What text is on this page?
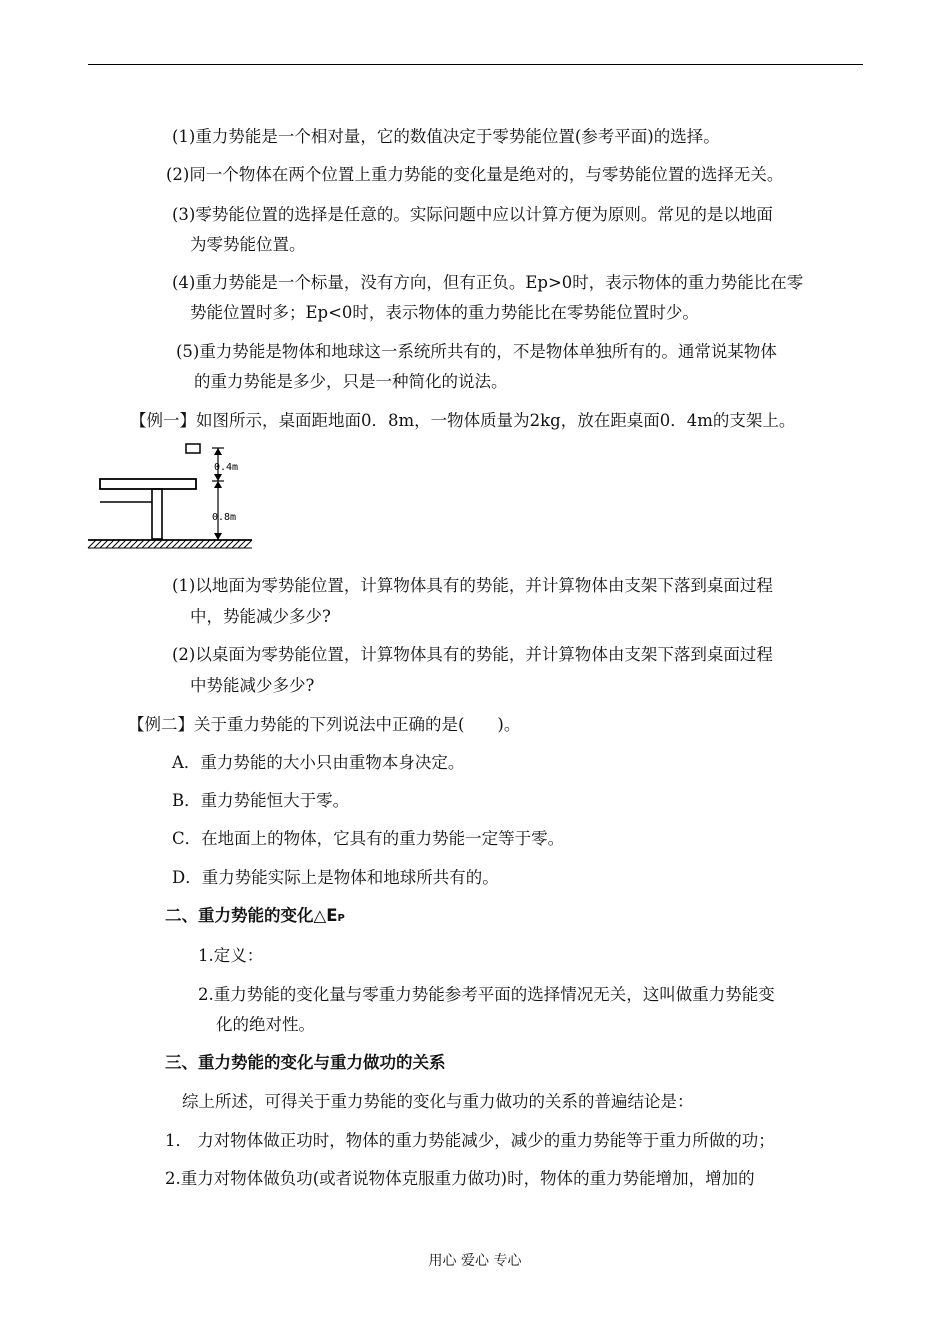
(1)重力势能是一个相对量，它的数值决定于零势能位置(参考平面)的选择。
(2)同一个物体在两个位置上重力势能的变化量是绝对的，与零势能位置的选择无关。
(3)零势能位置的选择是任意的。实际问题中应以计算方便为原则。常见的是以地面
为零势能位置。
(4)重力势能是一个标量，没有方向，但有正负。Ep>0时，表示物体的重力势能比在零
势能位置时多；Ep<0时，表示物体的重力势能比在零势能位置时少。
(5)重力势能是物体和地球这一系统所共有的，不是物体单独所有的。通常说某物体
的重力势能是多少，只是一种简化的说法。
【例一】如图所示，桌面距地面0．8m，一物体质量为2kg，放在距桌面0．4m的支架上。
0.4m
0.8m
(1)以地面为零势能位置，计算物体具有的势能，并计算物体由支架下落到桌面过程
中，势能减少多少?
(2)以桌面为零势能位置，计算物体具有的势能，并计算物体由支架下落到桌面过程
中势能减少多少?
【例二】关于重力势能的下列说法中正确的是(　　)。
A．重力势能的大小只由重物本身决定。
B．重力势能恒大于零。
C．在地面上的物体，它具有的重力势能一定等于零。
D．重力势能实际上是物体和地球所共有的。
二、重力势能的变化△EP
1.定义：
2.重力势能的变化量与零重力势能参考平面的选择情况无关，这叫做重力势能变
化的绝对性。
三、重力势能的变化与重力做功的关系
综上所述，可得关于重力势能的变化与重力做功的关系的普遍结论是：
1． 力对物体做正功时，物体的重力势能减少，减少的重力势能等于重力所做的功；
2.重力对物体做负功(或者说物体克服重力做功)时，物体的重力势能增加，增加的
用心 爱心 专心
